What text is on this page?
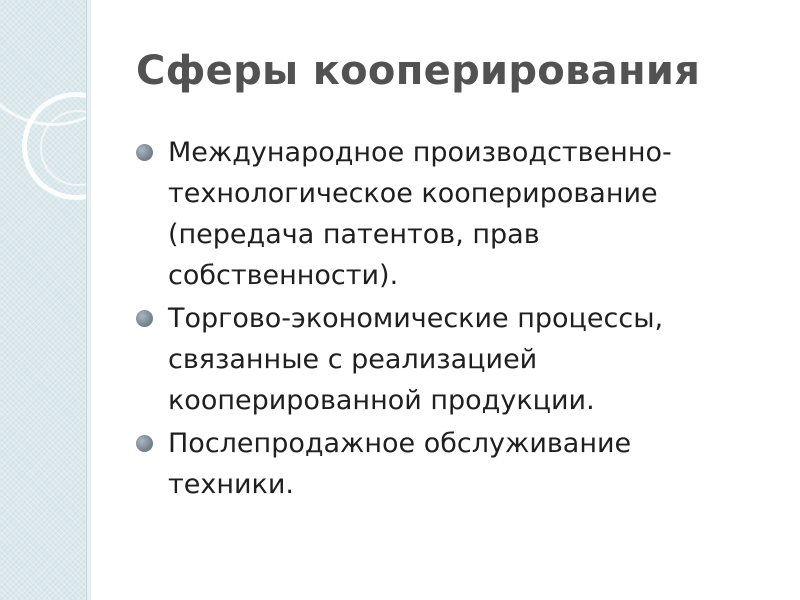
Сферы кооперирования
Международное производственно-технологическое кооперирование (передача патентов, прав собственности).
Торгово-экономические процессы, связанные с реализацией кооперированной продукции.
Послепродажное обслуживание техники.
